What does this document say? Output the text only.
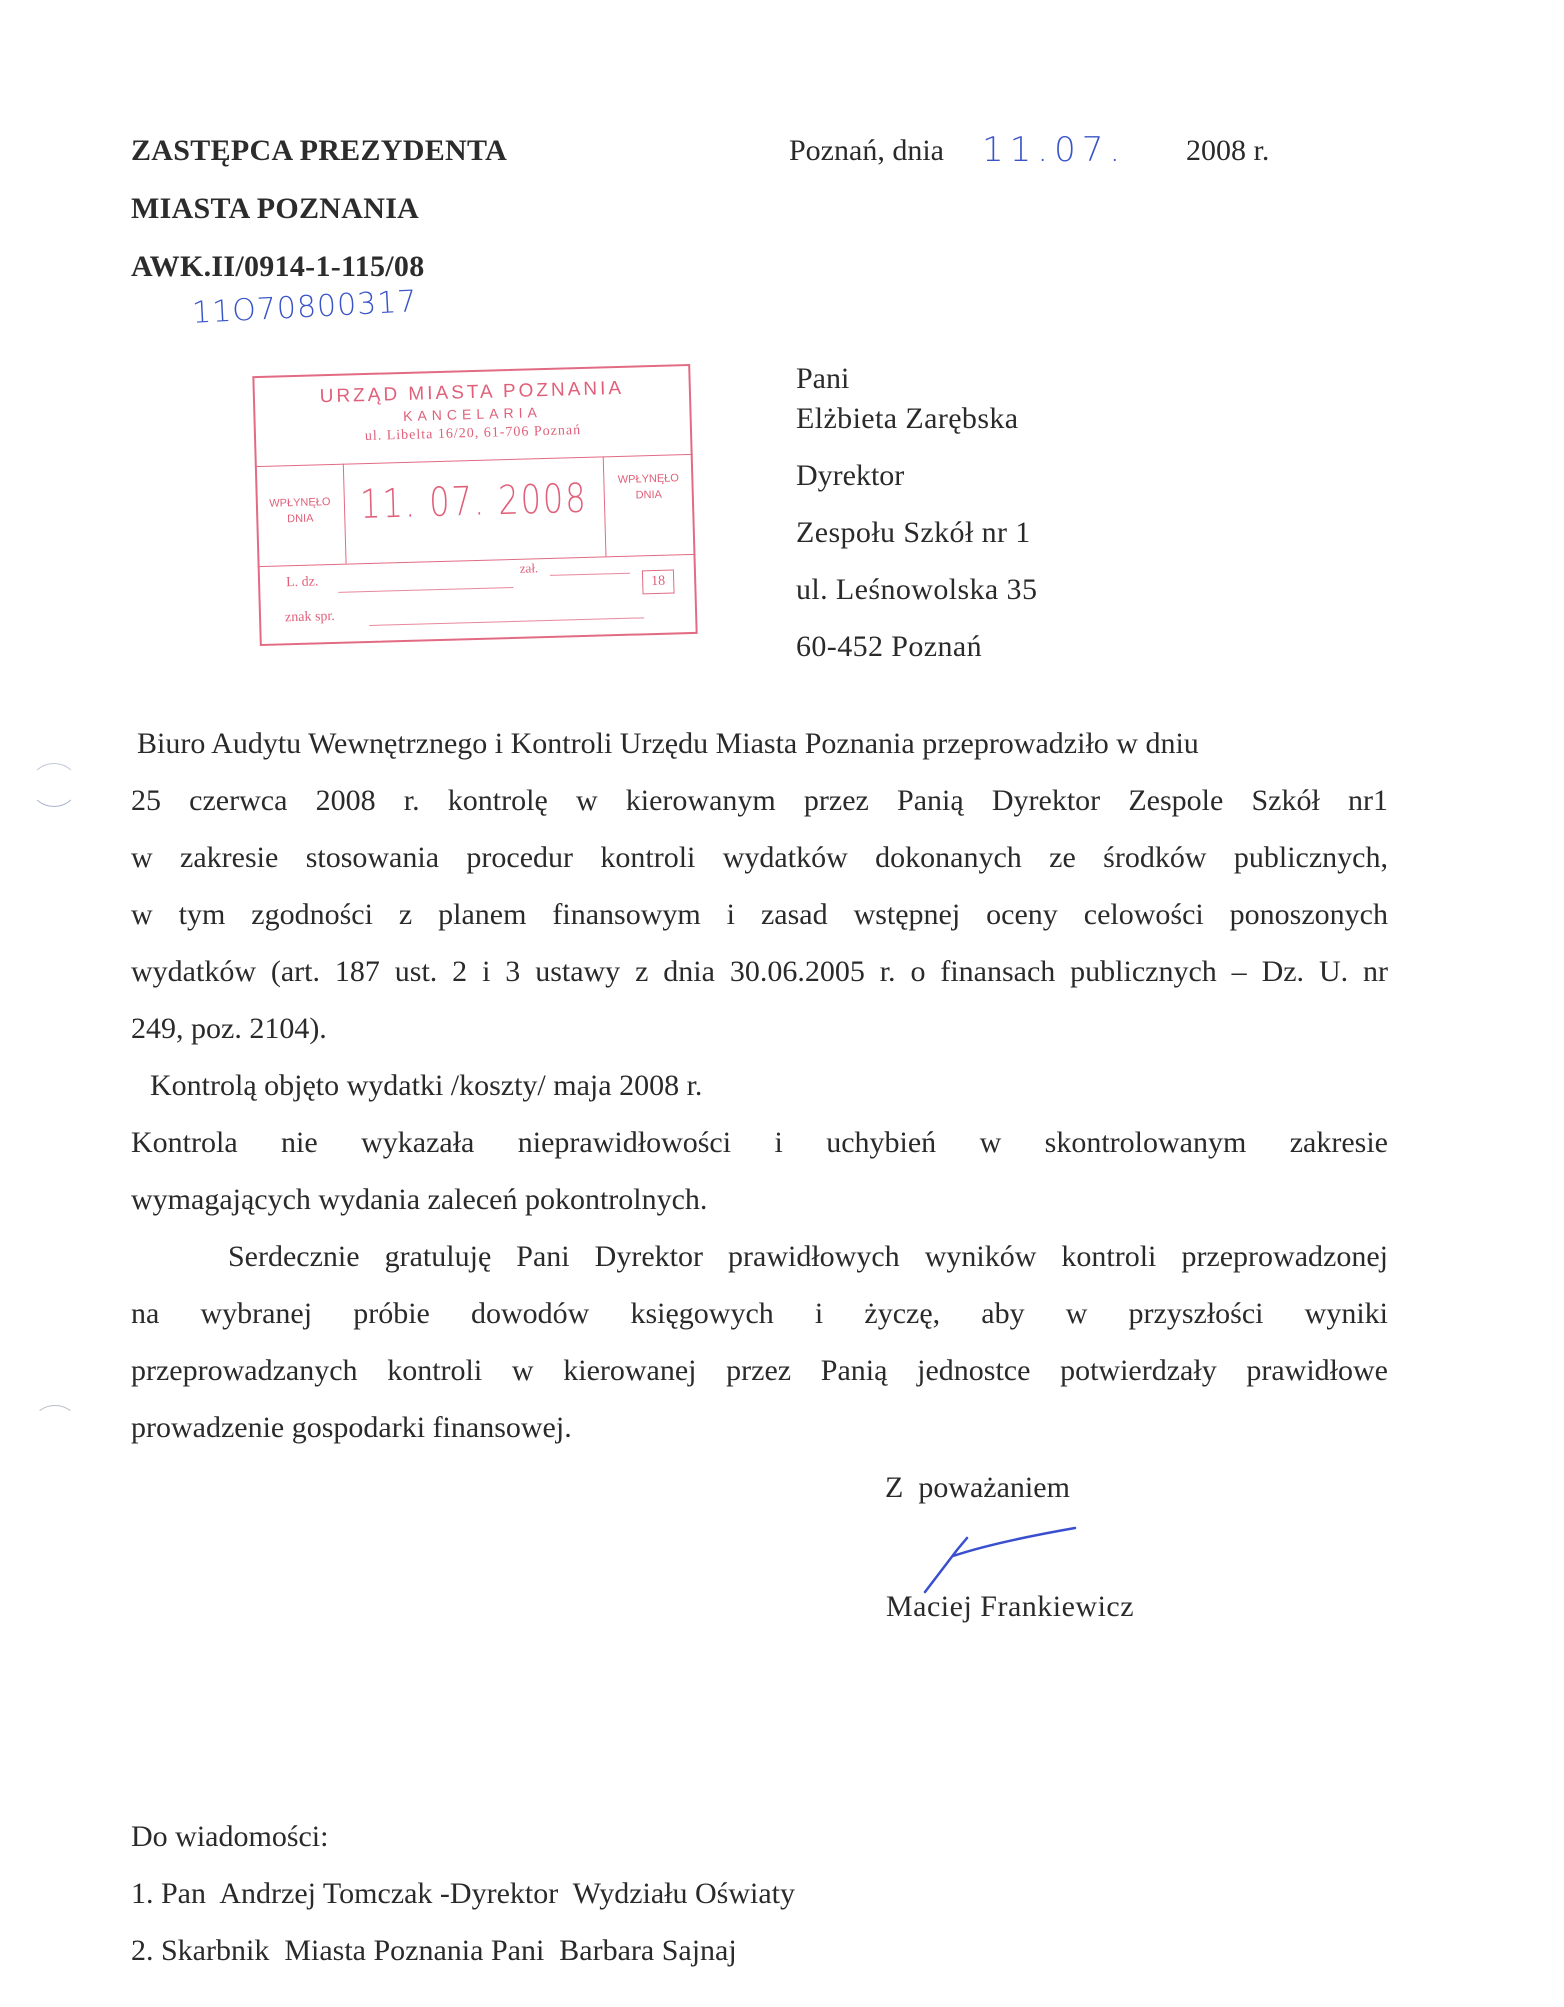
ZASTĘPCA PREZYDENTA
MIASTA POZNANIA
AWK.II/0914-1-115/08
11O70800317
Poznań, dnia 11.07. 2008 r.
URZĄD MIASTA POZNANIA
KANCELARIA
ul. Libelta 16/20, 61-706 Poznań
WPŁYNĘŁO
DNIA	11. 07. 2008	WPŁYNĘŁO
DNIA
L. dz.
zał.
18
znak spr.
Pani
Elżbieta Zarębska
Dyrektor
Zespołu Szkół nr 1
ul. Leśnowolska 35
60-452 Poznań
Biuro Audytu Wewnętrznego i Kontroli Urzędu Miasta Poznania przeprowadziło w dniu
25 czerwca 2008 r. kontrolę w kierowanym przez Panią Dyrektor Zespole Szkół nr1
w zakresie stosowania procedur kontroli wydatków dokonanych ze środków publicznych,
w tym zgodności z planem finansowym i zasad wstępnej oceny celowości ponoszonych
wydatków (art. 187 ust. 2 i 3 ustawy z dnia 30.06.2005 r. o finansach publicznych – Dz. U. nr
249, poz. 2104).
Kontrolą objęto wydatki /koszty/ maja 2008 r.
Kontrola nie wykazała nieprawidłowości i uchybień w skontrolowanym zakresie
wymagających wydania zaleceń pokontrolnych.
Serdecznie gratuluję Pani Dyrektor prawidłowych wyników kontroli przeprowadzonej
na wybranej próbie dowodów księgowych i życzę, aby w przyszłości wyniki
przeprowadzanych kontroli w kierowanej przez Panią jednostce potwierdzały prawidłowe
prowadzenie gospodarki finansowej.
Z  poważaniem
Maciej Frankiewicz
Do wiadomości:
1. Pan  Andrzej Tomczak -Dyrektor  Wydziału Oświaty
2. Skarbnik  Miasta Poznania Pani  Barbara Sajnaj
